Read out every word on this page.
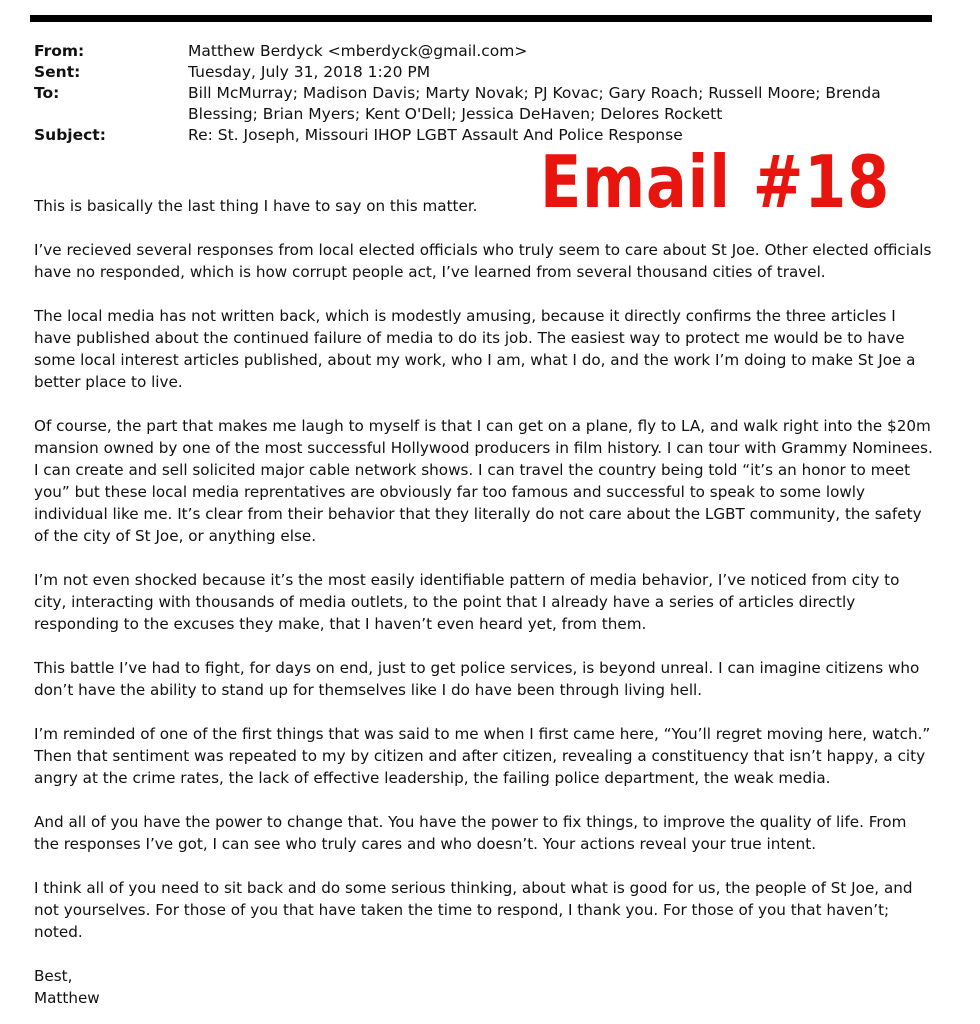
From:	Matthew Berdyck <mberdyck@gmail.com>
Sent:	Tuesday, July 31, 2018 1:20 PM
To:	Bill McMurray; Madison Davis; Marty Novak; PJ Kovac; Gary Roach; Russell Moore; Brenda Blessing; Brian Myers; Kent O'Dell; Jessica DeHaven; Delores Rockett
Subject:	Re: St. Joseph, Missouri IHOP LGBT Assault And Police Response
Email #18

This is basically the last thing I have to say on this matter.

I’ve recieved several responses from local elected officials who truly seem to care about St Joe. Other elected officials have no responded, which is how corrupt people act, I’ve learned from several thousand cities of travel.

The local media has not written back, which is modestly amusing, because it directly confirms the three articles I have published about the continued failure of media to do its job. The easiest way to protect me would be to have some local interest articles published, about my work, who I am, what I do, and the work I’m doing to make St Joe a better place to live.

Of course, the part that makes me laugh to myself is that I can get on a plane, fly to LA, and walk right into the $20m mansion owned by one of the most successful Hollywood producers in film history. I can tour with Grammy Nominees. I can create and sell solicited major cable network shows. I can travel the country being told “it’s an honor to meet you” but these local media reprentatives are obviously far too famous and successful to speak to some lowly individual like me. It’s clear from their behavior that they literally do not care about the LGBT community, the safety of the city of St Joe, or anything else.

I’m not even shocked because it’s the most easily identifiable pattern of media behavior, I’ve noticed from city to city, interacting with thousands of media outlets, to the point that I already have a series of articles directly responding to the excuses they make, that I haven’t even heard yet, from them.

This battle I’ve had to fight, for days on end, just to get police services, is beyond unreal. I can imagine citizens who don’t have the ability to stand up for themselves like I do have been through living hell.

I’m reminded of one of the first things that was said to me when I first came here, “You’ll regret moving here, watch.” Then that sentiment was repeated to my by citizen and after citizen, revealing a constituency that isn’t happy, a city angry at the crime rates, the lack of effective leadership, the failing police department, the weak media.

And all of you have the power to change that. You have the power to fix things, to improve the quality of life. From the responses I’ve got, I can see who truly cares and who doesn’t. Your actions reveal your true intent.

I think all of you need to sit back and do some serious thinking, about what is good for us, the people of St Joe, and not yourselves. For those of you that have taken the time to respond, I thank you. For those of you that haven’t; noted.

Best,

Matthew
